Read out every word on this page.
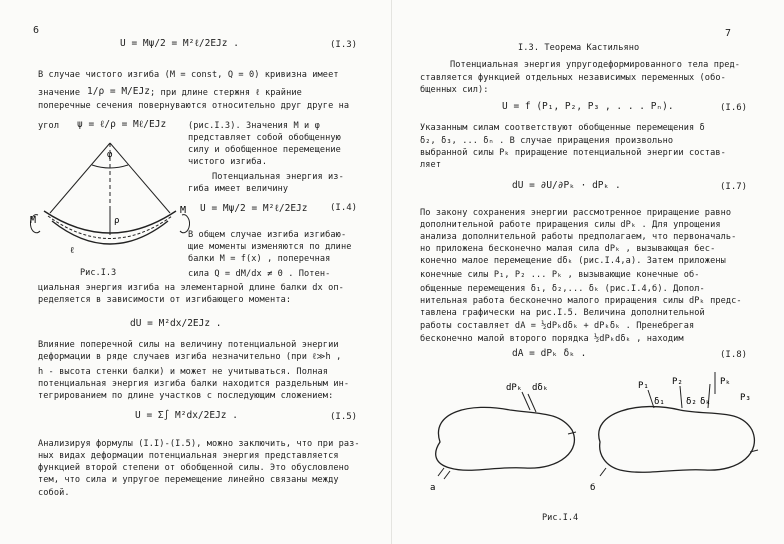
6
U = Mψ/2 = M²ℓ/2EJz .	(I.3)
В случае чистого изгиба (M = const, Q = 0) кривизна имеет
значение 1/ρ = M/EJz ; при длине стержня ℓ крайние
поперечные сечения повернуваются относительно друг друге на
угол ψ = ℓ/ρ = Mℓ/EJz	(рис.I.3). Значения M и φ
представляет собой обобщенную
силу и обобщенное перемещение
чистого изгиба.
Потенциальная энергия из-
гиба имеет величину
U = Mψ/2 = M²ℓ/2EJz (I.4)
В общем случае изгиба изгибаю-
щие моменты изменяются по длине
балки M = f(x) , поперечная
сила Q = dM/dx ≠ 0 . Потен-
циальная энергия изгиба на элементарной длине балки dx оп-
ределяется в зависимости от изгибающего момента:
dU = M²dx/2EJz .
Влияние поперечной силы на величину потенциальной энергии
деформации в ряде случаев изгиба незначительно (при ℓ≫h ,
h - высота стенки балки) и может не учитываться. Полная
потенциальная энергия изгиба балки находится раздельным ин-
тегрированием по длине участков с последующим сложением:
U = Σ∫ M²dx/2EJz .	(I.5)
Анализируя формулы (I.I)-(I.5), можно заключить, что при раз-
ных видах деформации потенциальная энергия представляется
функцией второй степени от обобщенной силы. Это обусловлено
тем, что сила и упругое перемещение линейно связаны между
собой.
φ
ℓ
M
M
ρ
Рис.I.3
7
I.3. Теорема Кастильяно
Потенциальная энергия упругодеформированного тела пред-
ставляется функцией отдельных независимых переменных (обо-
бщенных сил):
U = f (P₁, P₂, P₃ , . . . Pₙ).	(I.6)
Указанным силам соответствуют обобщенные перемещения δ
δ₂, δ₃, ... δₙ . В случае приращения произвольно
выбранной силы Pₖ приращение потенциальной энергии состав-
ляет
dU = ∂U/∂Pₖ · dPₖ .	(I.7)
По закону сохранения энергии рассмотренное приращение равно
дополнительной работе приращения силы dPₖ . Для упрощения
анализа дополнительной работы предполагаем, что первоначаль-
но приложена бесконечно малая сила dPₖ , вызывающая бес-
конечно малое перемещение dδₖ (рис.I.4,а). Затем приложены
конечные силы P₁, P₂ ... Pₖ , вызывающие конечные об-
общенные перемещения δ₁, δ₂,... δₖ (рис.I.4,б). Допол-
нительная работа бесконечно малого приращения силы dPₖ предс-
тавлена графически на рис.I.5. Величина дополнительной
работы составляет dA = ½dPₖdδₖ + dPₖδₖ . Пренебрегая
бесконечно малой второго порядка ½dPₖdδₖ , находим
dA = dPₖ δₖ .	(I.8)
dPₖ dδₖ
а
P₁
δ₁
P₂
δ₂
Pₖ
δₖ	P₃
б
Рис.I.4
